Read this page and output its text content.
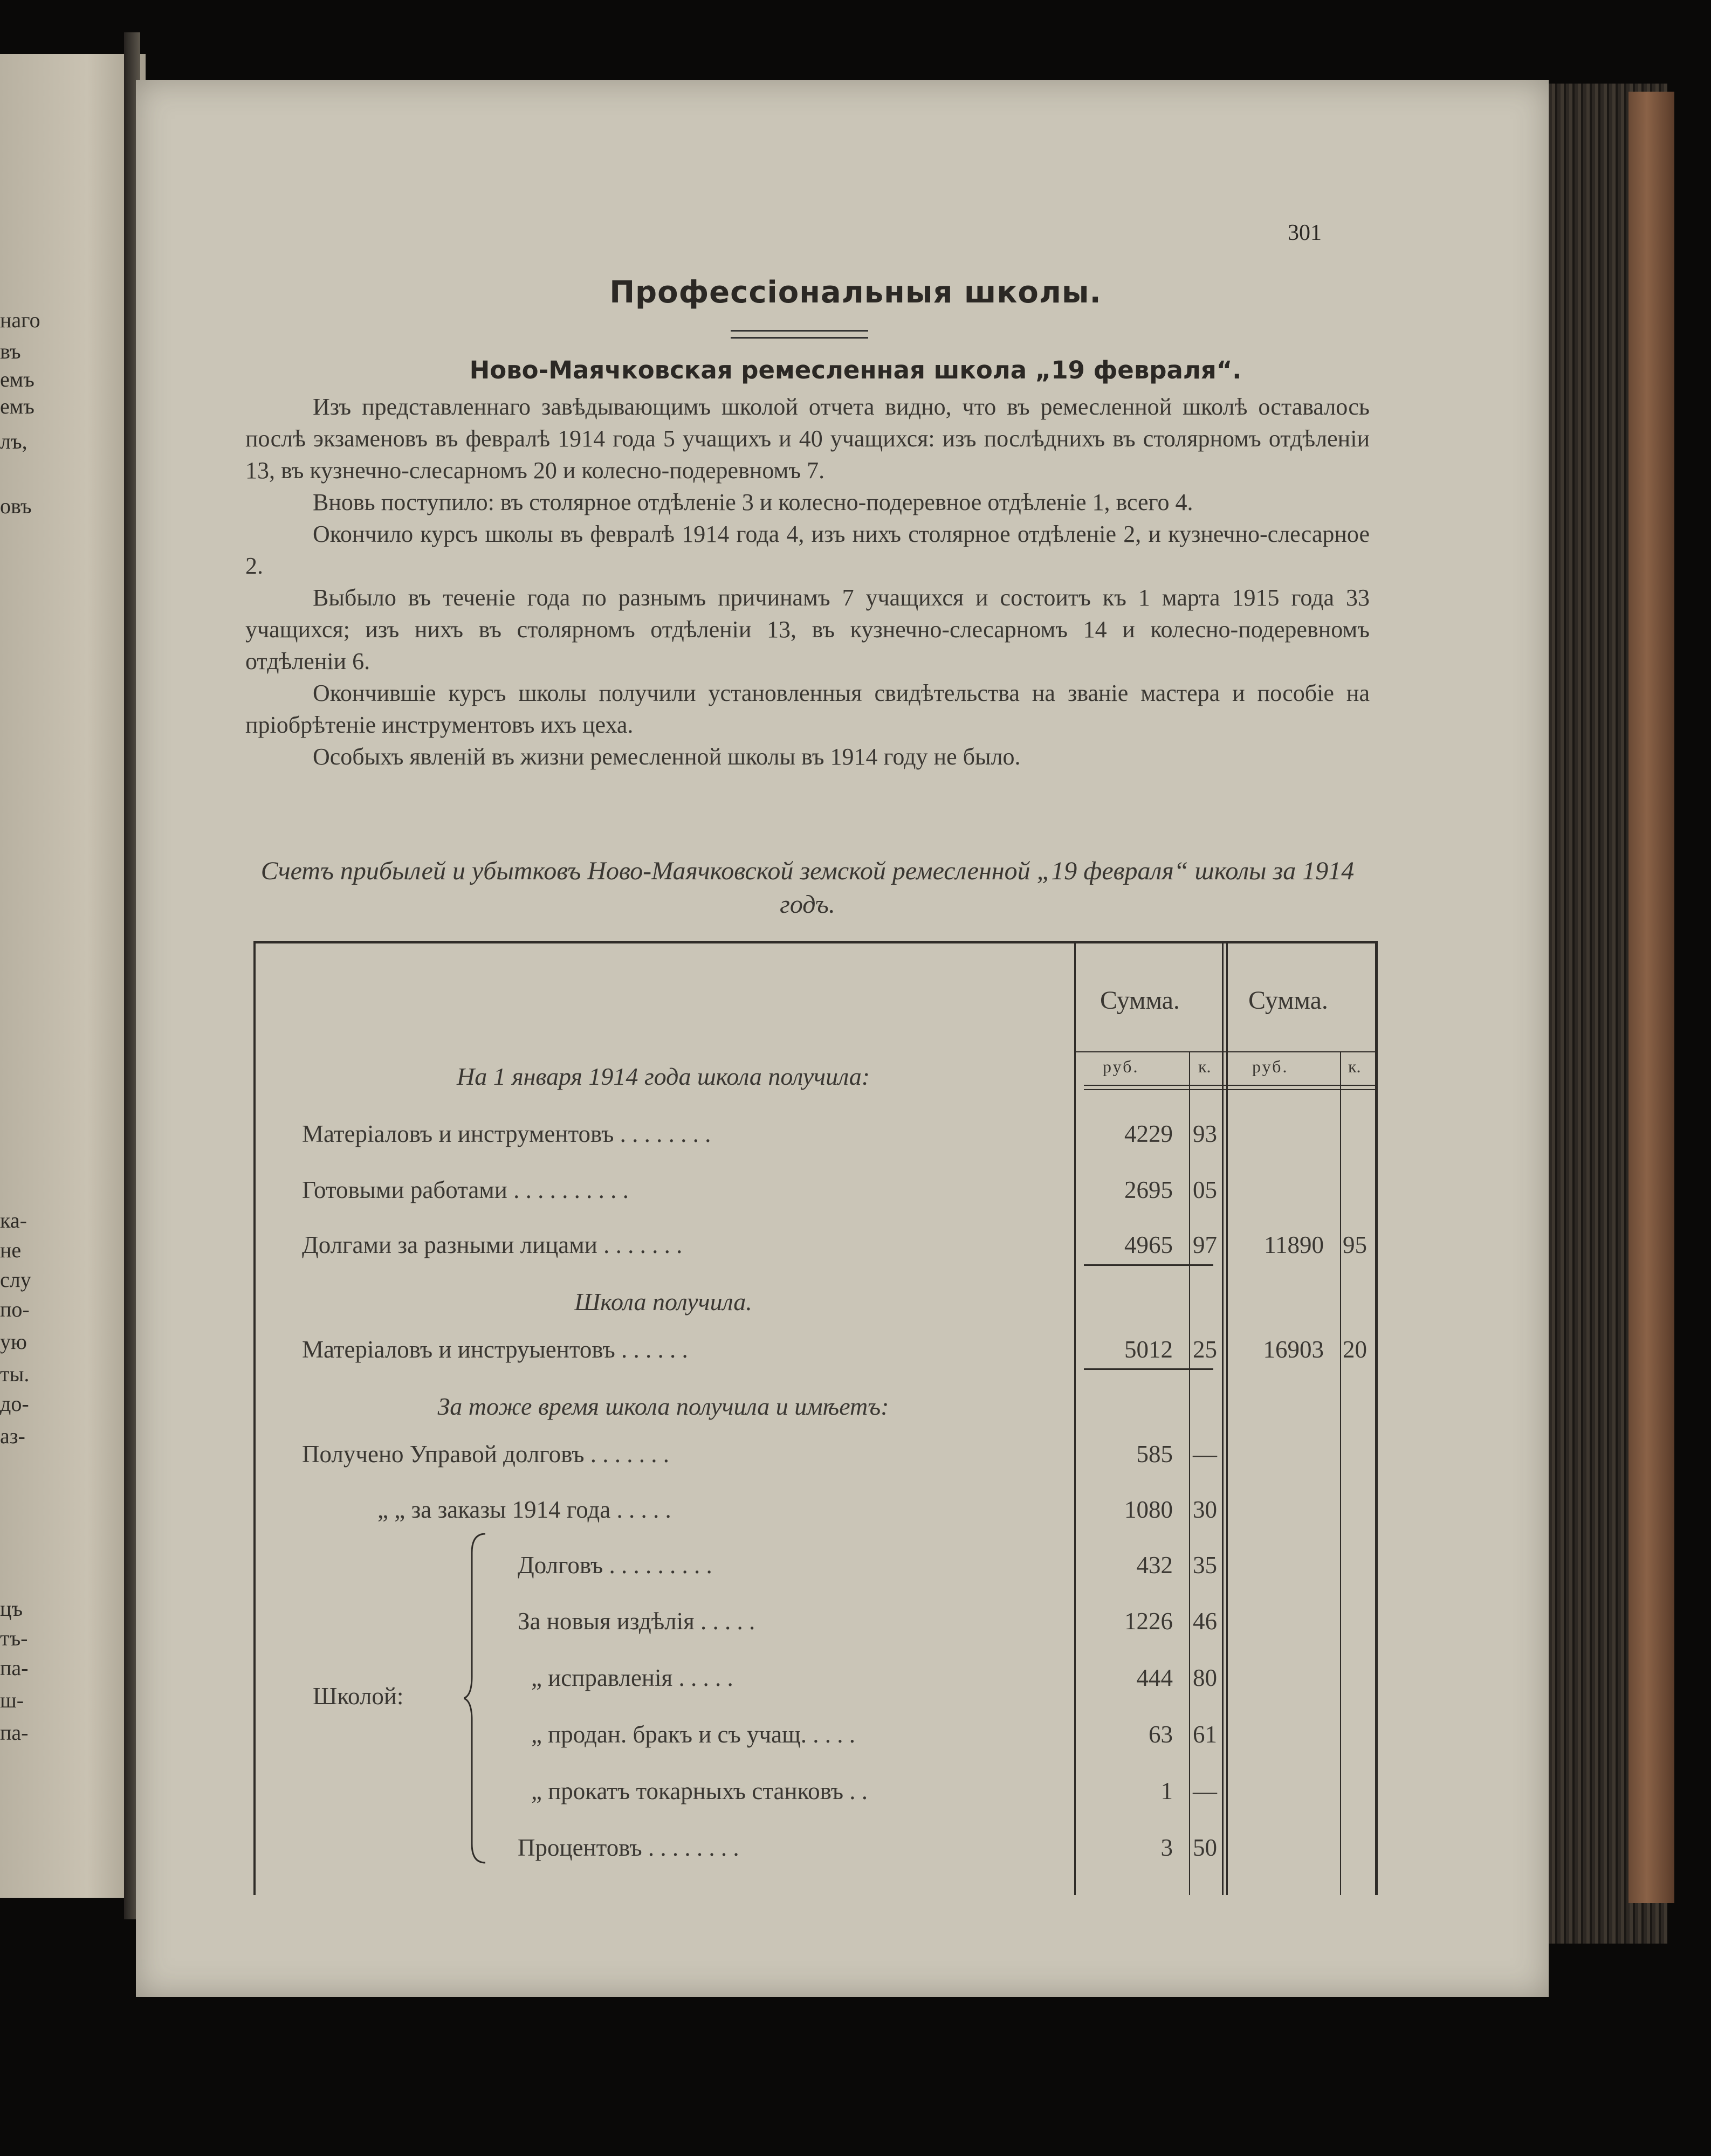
наго
въ
емъ
емъ
лъ,
овъ
ка-
не
слу
по-
ую
ты.
до-
аз-
цъ
тъ-
па-
ш-
па-
301
Профессіональныя школы.
Ново-Маячковская ремесленная школа „19 февраля“.

Изъ представленнаго завѣдывающимъ школой отчета видно, что въ ремесленной школѣ оставалось послѣ экзаменовъ въ февралѣ 1914 года 5 учащихъ и 40 учащихся: изъ послѣднихъ въ столярномъ отдѣленіи 13, въ кузнечно-слесарномъ 20 и колесно-подеревномъ 7.

Вновь поступило: въ столярное отдѣленіе 3 и колесно-подеревное отдѣленіе 1, всего 4.

Окончило курсъ школы въ февралѣ 1914 года 4, изъ нихъ столярное отдѣленіе 2, и кузнечно-слесарное 2.

Выбыло въ теченіе года по разнымъ причинамъ 7 учащихся и состоитъ къ 1 марта 1915 года 33 учащихся; изъ нихъ въ столярномъ отдѣленіи 13, въ кузнечно-слесарномъ 14 и колесно-подеревномъ отдѣленіи 6.

Окончившіе курсъ школы получили установленныя свидѣтельства на званіе мастера и пособіе на пріобрѣтеніе инструментовъ ихъ цеха.

Особыхъ явленій въ жизни ремесленной школы въ 1914 году не было.

Счетъ прибылей и убытковъ Ново-Маячковской земской ремесленной „19 февраля“ школы за 1914 годъ.
Сумма.	Сумма.
руб.	к. руб.	к.
На 1 января 1914 года школа получила:
Матеріаловъ и инструментовъ . . . . . . . .	4229 93
Готовыми работами . . . . . . . . . .	2695 05
Долгами за разными лицами . . . . . . .	4965 97 11890 95
Школа получила.
Матеріаловъ и инструыентовъ . . . . . .	5012 25 16903 20
За тоже время школа получила и имѣетъ:
Получено Управой долговъ . . . . . . .	585 —
„ „ за заказы 1914 года . . . . .	1080 30
Школой:
Долговъ . . . . . . . . .	432 35
За новыя издѣлія . . . . .	1226 46
„ исправленія . . . . .	444 80
„ продан. бракъ и съ учащ. . . . .	63 61
„ прокатъ токарныхъ станковъ . .	1 —
Процентовъ . . . . . . . .	3 50
